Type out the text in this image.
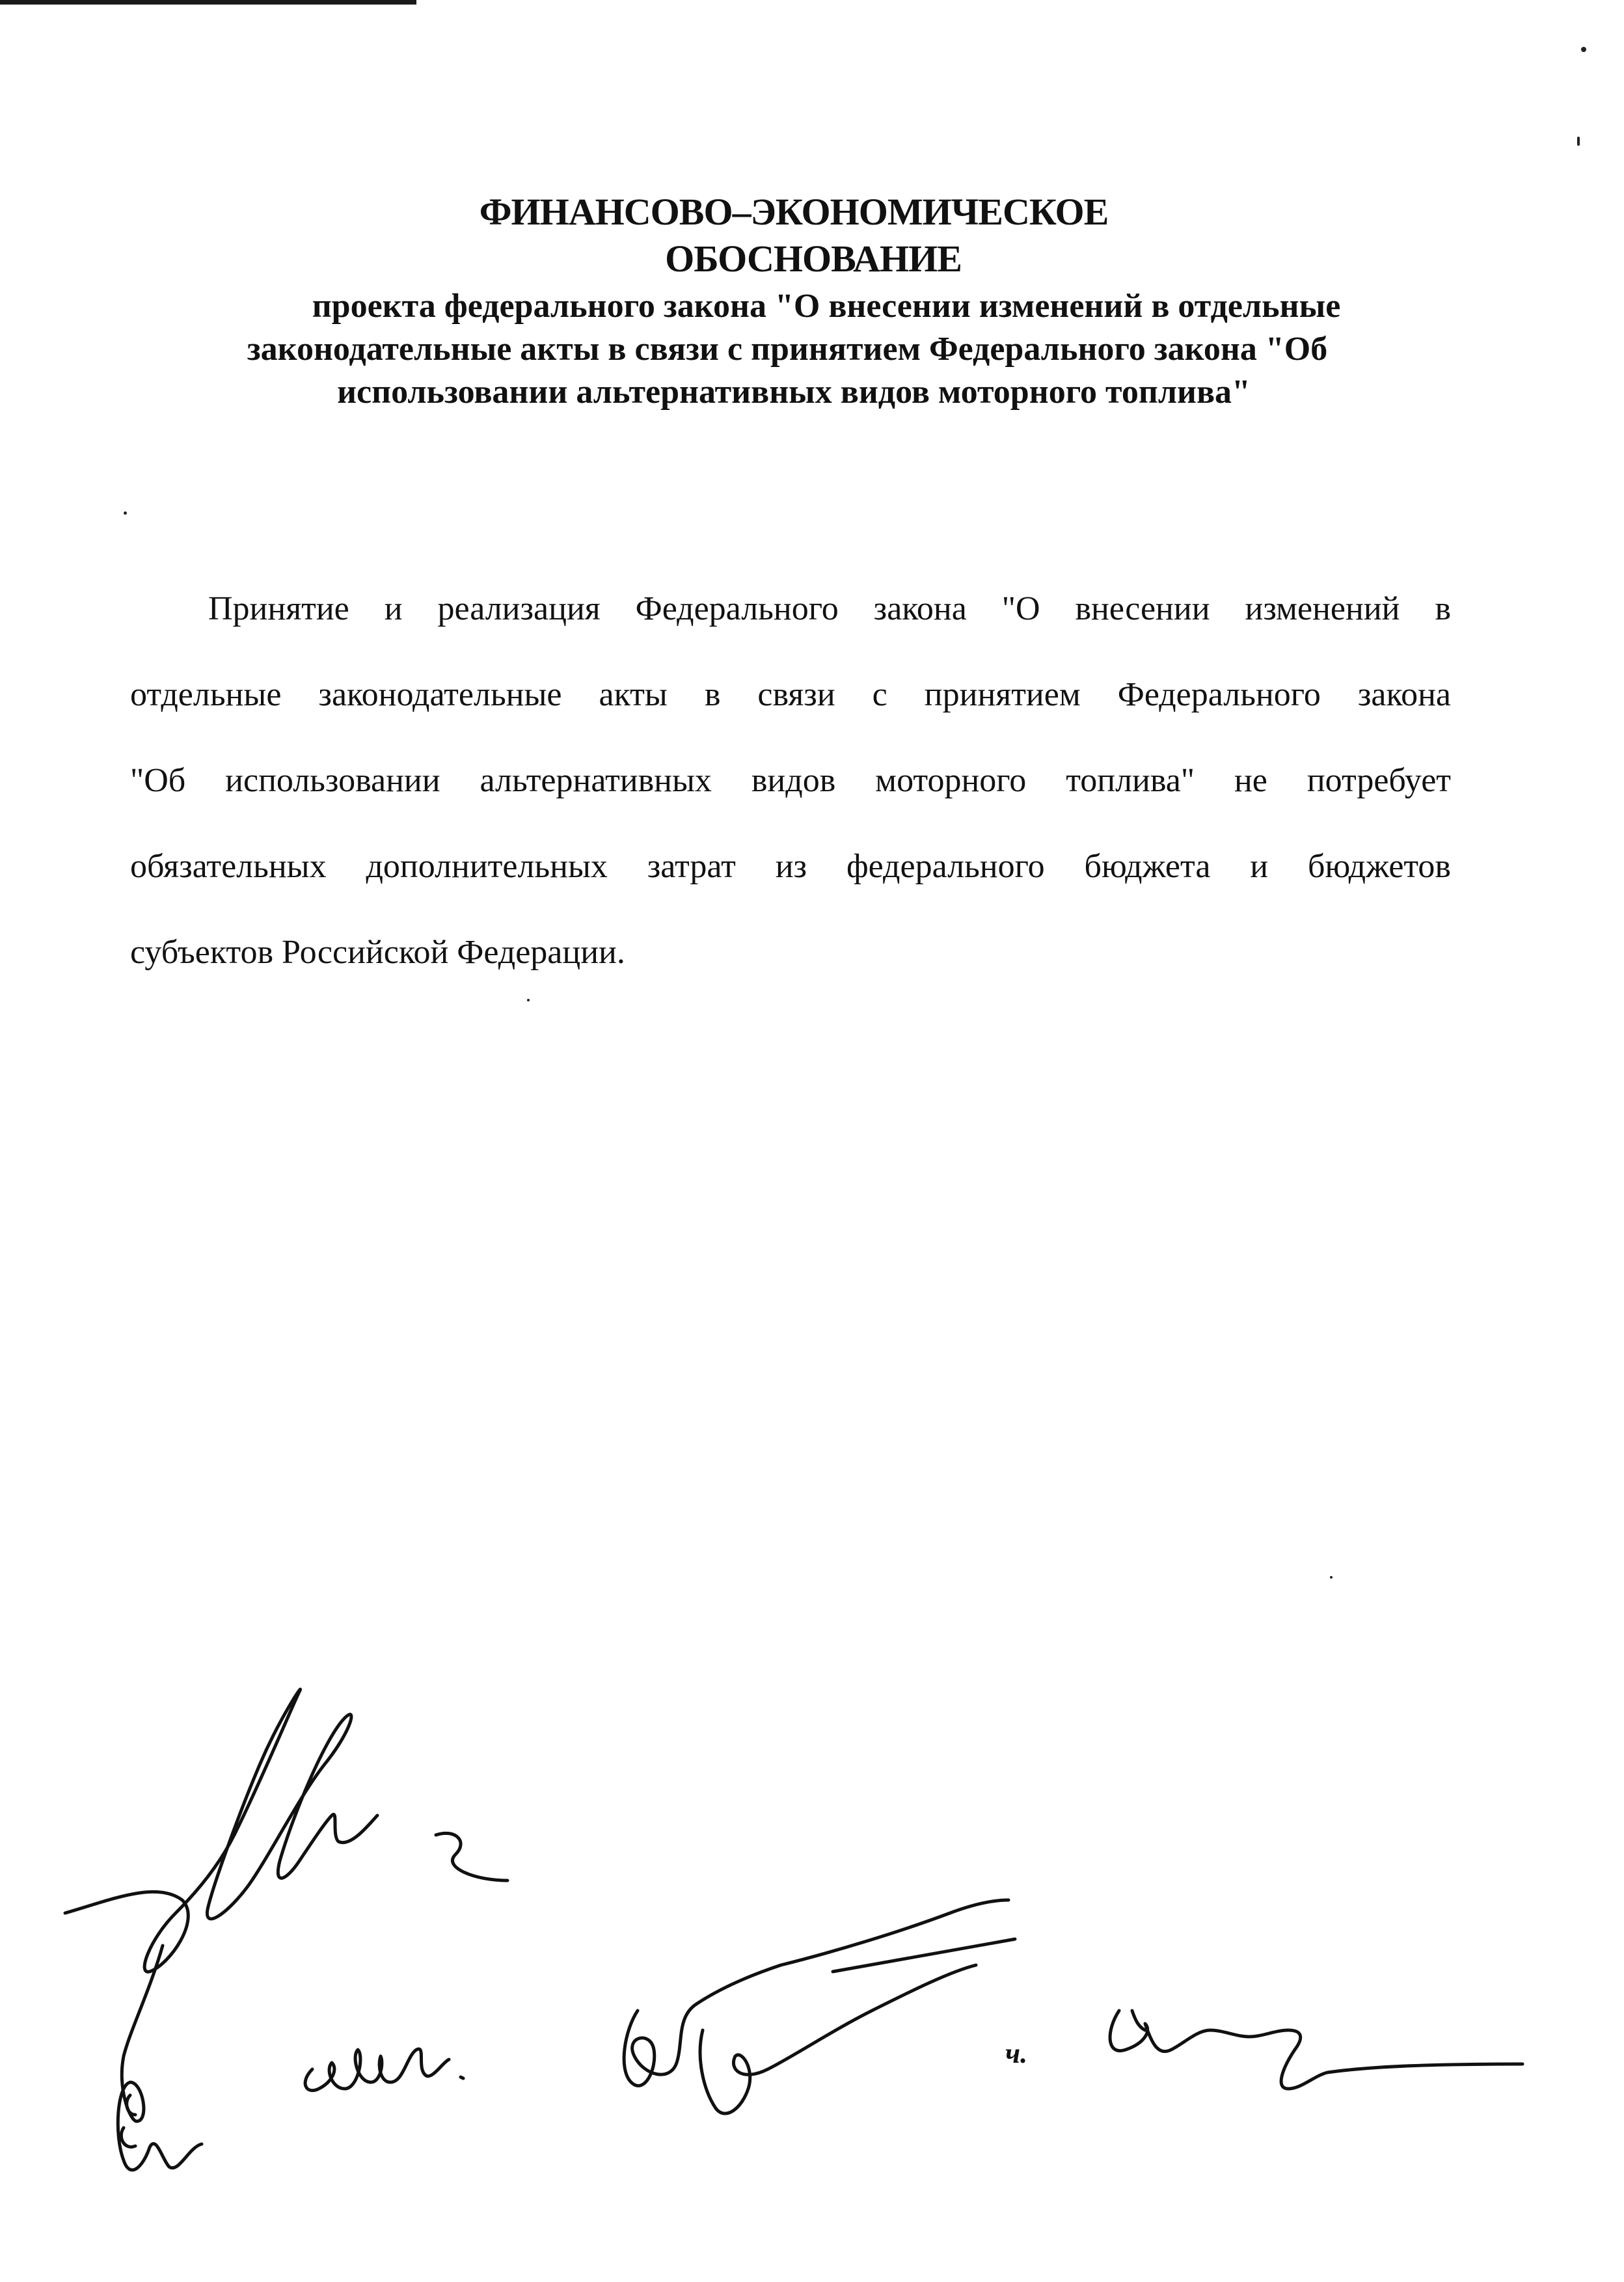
ФИНАНСОВО–ЭКОНОМИЧЕСКОЕ
ОБОСНОВАНИЕ
проекта федерального закона "О внесении изменений в отдельные
законодательные акты в связи с принятием Федерального закона "Об
использовании альтернативных видов моторного топлива"
Принятие и реализация Федерального закона "О внесении изменений в
отдельные законодательные акты в связи с принятием Федерального закона
"Об использовании альтернативных видов моторного топлива" не потребует
обязательных дополнительных затрат из федерального бюджета и бюджетов
субъектов Российской Федерации.
ч.
